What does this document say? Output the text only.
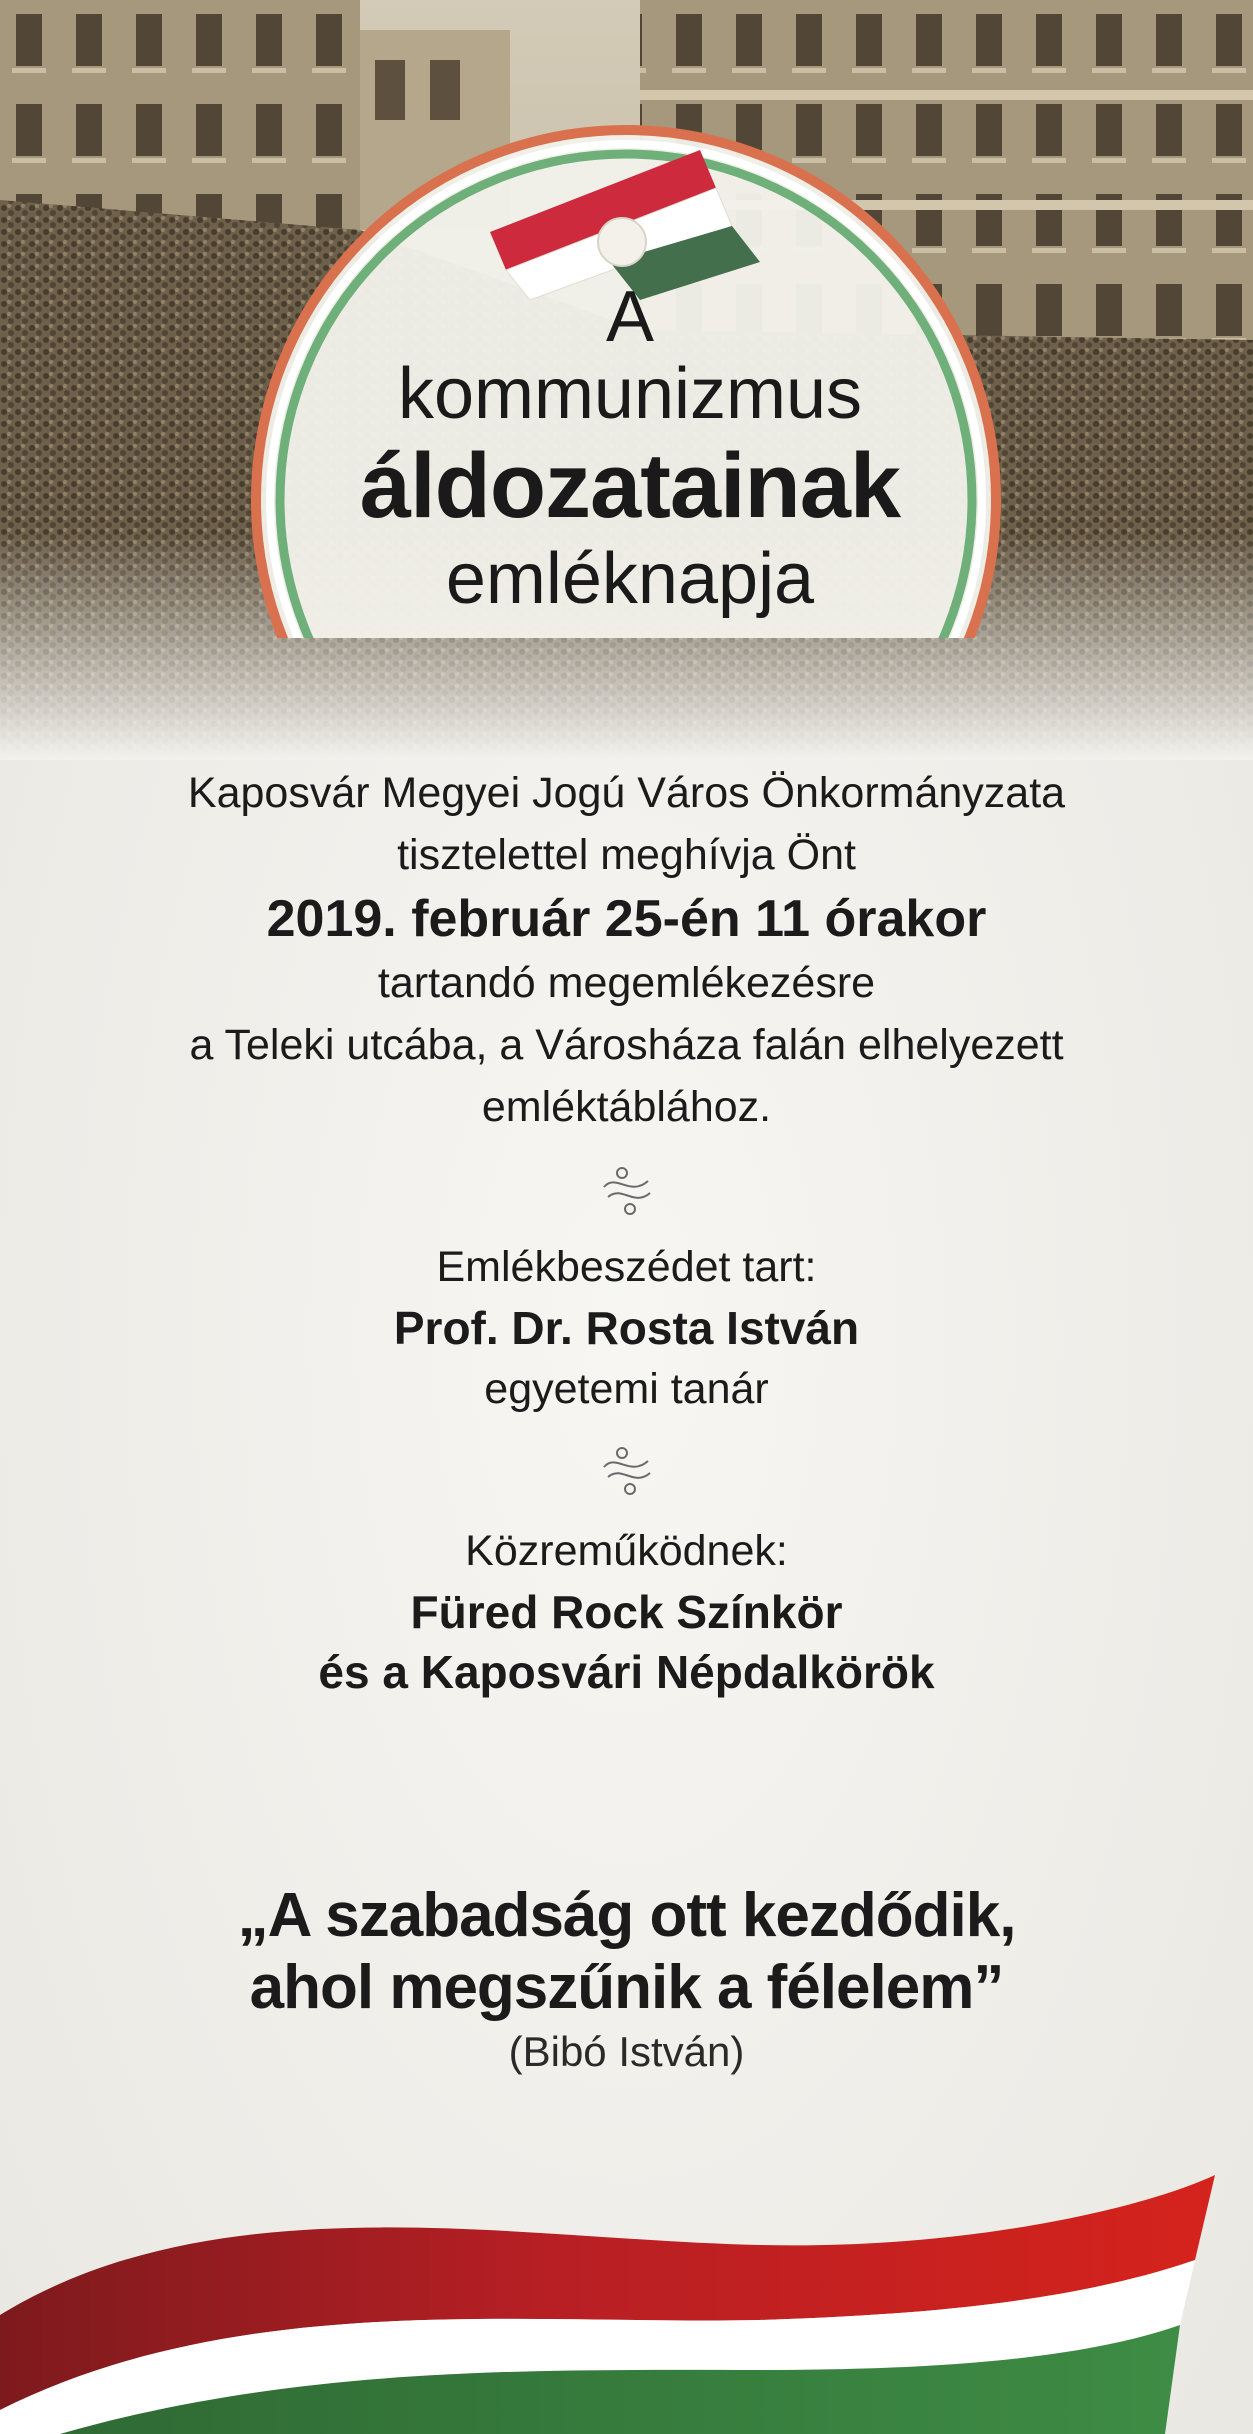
A
kommunizmus
áldozatainak
emléknapja
Kaposvár Megyei Jogú Város Önkormányzata
tisztelettel meghívja Önt
2019. február 25-én 11 órakor
tartandó megemlékezésre
a Teleki utcába, a Városháza falán elhelyezett
emléktáblához.
Emlékbeszédet tart:
Prof. Dr. Rosta István
egyetemi tanár
Közreműködnek:
Füred Rock Színkör
és a Kaposvári Népdalkörök
„A szabadság ott kezdődik,
ahol megszűnik a félelem”
(Bibó István)
